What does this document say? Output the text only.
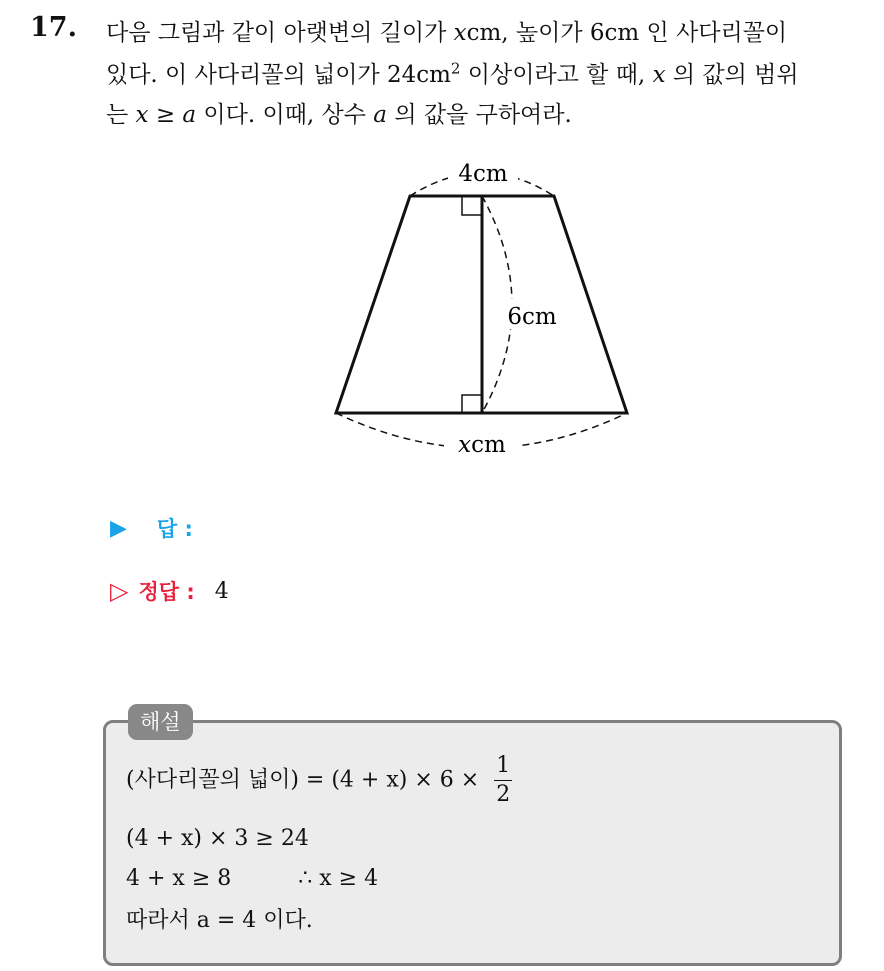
17. 다음 그림과 같이 아랫변의 길이가 xcm, 높이가 6cm 인 사다리꼴이
있다. 이 사다리꼴의 넓이가 $24cm^2$ 이상이라고 할 때, x 의 값의 범위
는 x ≥ a 이다. 이때, 상수 a 의 값을 구하여라.
4cm
6cm
xcm
▶ 답 :
▷ 정답 : 4
해설
(사다리꼴의 넓이) = $(4 + x) \times 6 \times \frac{1}{2}$
(4 + x) × 3 ≥ 24
4 + x ≥ 8	∴ x ≥ 4
따라서 a = 4 이다.
